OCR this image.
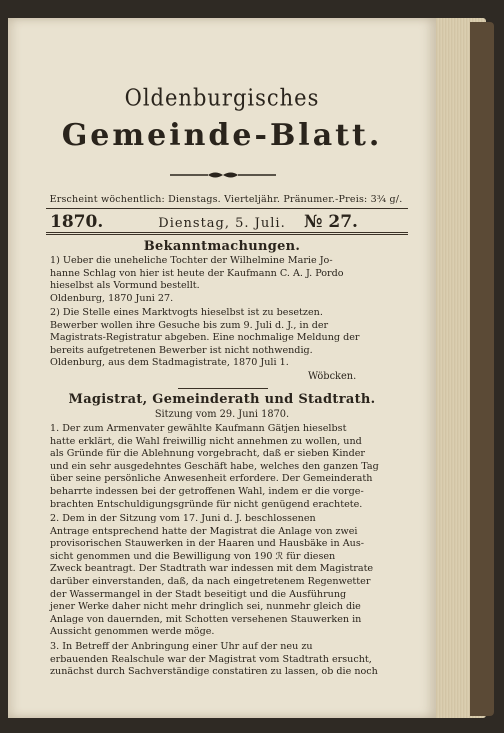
Oldenburgisches
Gemeinde-Blatt.
Erscheint wöchentlich: Dienstags. Vierteljähr. Pränumer.-Preis: 3¾ g/.
1870.	Dienstag, 5. Juli.	№ 27.
Bekanntmachungen.

1) Ueber die uneheliche Tochter der Wilhelmine Marie Jo-
hanne Schlag von hier ist heute der Kaufmann C. A. J. Pordo
hieselbst als Vormund bestellt.
Oldenburg, 1870 Juni 27.

2) Die Stelle eines Marktvogts hieselbst ist zu besetzen.
Bewerber wollen ihre Gesuche bis zum 9. Juli d. J., in der
Magistrats-Registratur abgeben. Eine nochmalige Meldung der
bereits aufgetretenen Bewerber ist nicht nothwendig.
Oldenburg, aus dem Stadmagistrate, 1870 Juli 1.

Wöbcken.
Magistrat, Gemeinderath und Stadtrath.
Sitzung vom 29. Juni 1870.

1. Der zum Armenvater gewählte Kaufmann Gätjen hieselbst
hatte erklärt, die Wahl freiwillig nicht annehmen zu wollen, und
als Gründe für die Ablehnung vorgebracht, daß er sieben Kinder
und ein sehr ausgedehntes Geschäft habe, welches den ganzen Tag
über seine persönliche Anwesenheit erfordere. Der Gemeinderath
beharrte indessen bei der getroffenen Wahl, indem er die vorge-
brachten Entschuldigungsgründe für nicht genügend erachtete.

2. Dem in der Sitzung vom 17. Juni d. J. beschlossenen
Antrage entsprechend hatte der Magistrat die Anlage von zwei
provisorischen Stauwerken in der Haaren und Hausbäke in Aus-
sicht genommen und die Bewilligung von 190 ℛ für diesen
Zweck beantragt. Der Stadtrath war indessen mit dem Magistrate
darüber einverstanden, daß, da nach eingetretenem Regenwetter
der Wassermangel in der Stadt beseitigt und die Ausführung
jener Werke daher nicht mehr dringlich sei, nunmehr gleich die
Anlage von dauernden, mit Schotten versehenen Stauwerken in
Aussicht genommen werde möge.

3. In Betreff der Anbringung einer Uhr auf der neu zu
erbauenden Realschule war der Magistrat vom Stadtrath ersucht,
zunächst durch Sachverständige constatiren zu lassen, ob die noch
